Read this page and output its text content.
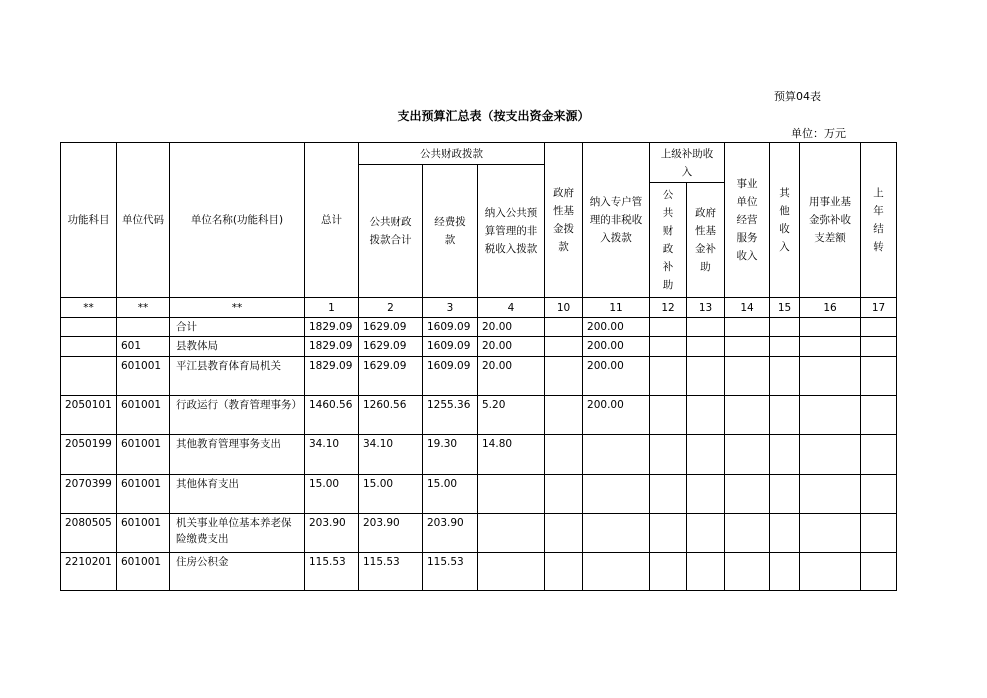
预算04表
支出预算汇总表（按支出资金来源）
单位：万元
功能科目	单位代码	单位名称(功能科目)	总计	公共财政拨款			政府性基金拨款	纳入专户管理的非税收入拨款	上级补助收入		事业单位经营服务收入	其他收入	用事业基金弥补收支差额	上年结转
				公共财政拨款合计	经费拨款	纳入公共预算管理的非税收入拨款								
									公共财政补助	政府性基金补助				
**	**	**	1	2	3	4	10	11	12	13	14	15	16	17
		合计	1829.09	1629.09	1609.09	20.00		200.00						
	601	县教体局	1829.09	1629.09	1609.09	20.00		200.00						
	601001	平江县教育体育局机关	1829.09	1629.09	1609.09	20.00		200.00						
2050101	601001	行政运行（教育管理事务）	1460.56	1260.56	1255.36	5.20		200.00						
2050199	601001	其他教育管理事务支出	34.10	34.10	19.30	14.80								
2070399	601001	其他体育支出	15.00	15.00	15.00									
2080505	601001	机关事业单位基本养老保险缴费支出	203.90	203.90	203.90									
2210201	601001	住房公积金	115.53	115.53	115.53									
